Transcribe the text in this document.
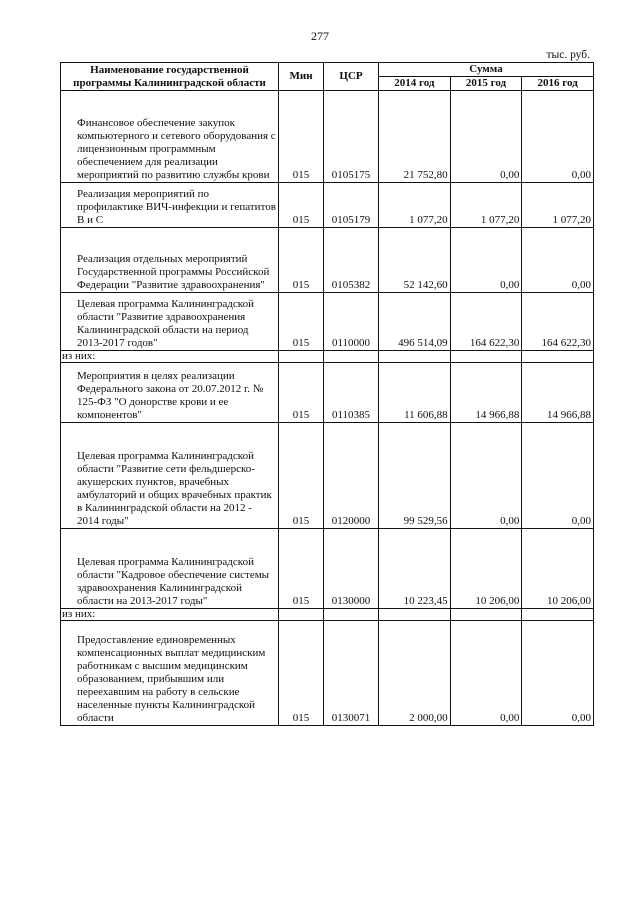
277
тыс. руб.
Наименование государственной программы Калининградской области	Мин	ЦСР	Сумма		
			2014 год	2015 год	2016 год

Финансовое обеспечение закупок компьютерного и сетевого оборудования с лицензионным программным обеспечением для реализации мероприятий по развитию службы крови	015	0105175	21 752,80	0,00	0,00

Реализация мероприятий по профилактике ВИЧ-инфекции и гепатитов В и С	015	0105179	1 077,20	1 077,20	1 077,20

Реализация отдельных мероприятий Государственной программы Российской Федерации "Развитие здравоохранения"	015	0105382	52 142,60	0,00	0,00

Целевая программа Калининградской области "Развитие здравоохранения Калининградской области на период 2013-2017 годов"	015	0110000	496 514,09	164 622,30	164 622,30
из них:					

Мероприятия в целях реализации Федерального закона от 20.07.2012 г. № 125-ФЗ "О донорстве крови и ее компонентов"	015	0110385	11 606,88	14 966,88	14 966,88

Целевая программа Калининградской области "Развитие сети фельдшерско-акушерских пунктов, врачебных амбулаторий и общих врачебных практик в Калининградской области на 2012 - 2014 годы"	015	0120000	99 529,56	0,00	0,00

Целевая программа Калининградской области "Кадровое обеспечение системы здравоохранения Калининградской области на 2013-2017 годы"	015	0130000	10 223,45	10 206,00	10 206,00
из них:					

Предоставление единовременных компенсационных выплат медицинским работникам с высшим медицинским образованием, прибывшим или переехавшим на работу в сельские населенные пункты Калининградской области	015	0130071	2 000,00	0,00	0,00
